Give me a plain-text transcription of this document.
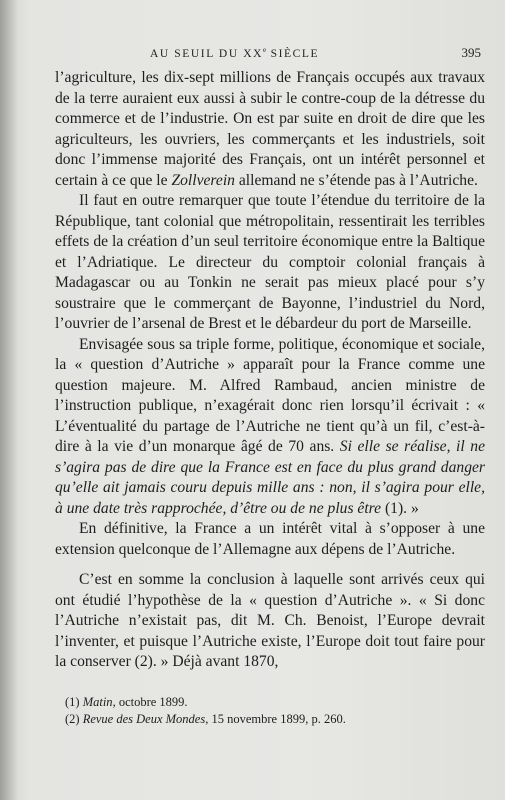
AU SEUIL DU XXe SIÈCLE	395

l’agriculture, les dix-sept millions de Français occupés aux travaux de la terre auraient eux aussi à subir le contre-coup de la détresse du commerce et de l’industrie. On est par suite en droit de dire que les agriculteurs, les ouvriers, les commerçants et les industriels, soit donc l’immense majorité des Français, ont un intérêt personnel et certain à ce que le Zollverein allemand ne s’étende pas à l’Autriche.

Il faut en outre remarquer que toute l’étendue du territoire de la République, tant colonial que métropolitain, ressentirait les terribles effets de la création d’un seul territoire économique entre la Baltique et l’Adriatique. Le directeur du comptoir colonial français à Madagascar ou au Tonkin ne serait pas mieux placé pour s’y soustraire que le commerçant de Bayonne, l’industriel du Nord, l’ouvrier de l’arsenal de Brest et le débardeur du port de Marseille.

Envisagée sous sa triple forme, politique, économique et sociale, la « question d’Autriche » apparaît pour la France comme une question majeure. M. Alfred Rambaud, ancien ministre de l’instruction publique, n’exagérait donc rien lorsqu’il écrivait : « L’éventualité du partage de l’Autriche ne tient qu’à un fil, c’est-à-dire à la vie d’un monarque âgé de 70 ans. Si elle se réalise, il ne s’agira pas de dire que la France est en face du plus grand danger qu’elle ait jamais couru depuis mille ans : non, il s’agira pour elle, à une date très rapprochée, d’être ou de ne plus être (1). »

En définitive, la France a un intérêt vital à s’opposer à une extension quelconque de l’Allemagne aux dépens de l’Autriche.

C’est en somme la conclusion à laquelle sont arrivés ceux qui ont étudié l’hypothèse de la « question d’Autriche ». « Si donc l’Autriche n’existait pas, dit M. Ch. Benoist, l’Europe devrait l’inventer, et puisque l’Autriche existe, l’Europe doit tout faire pour la conserver (2). » Déjà avant 1870,

(1) Matin, octobre 1899.
(2) Revue des Deux Mondes, 15 novembre 1899, p. 260.
